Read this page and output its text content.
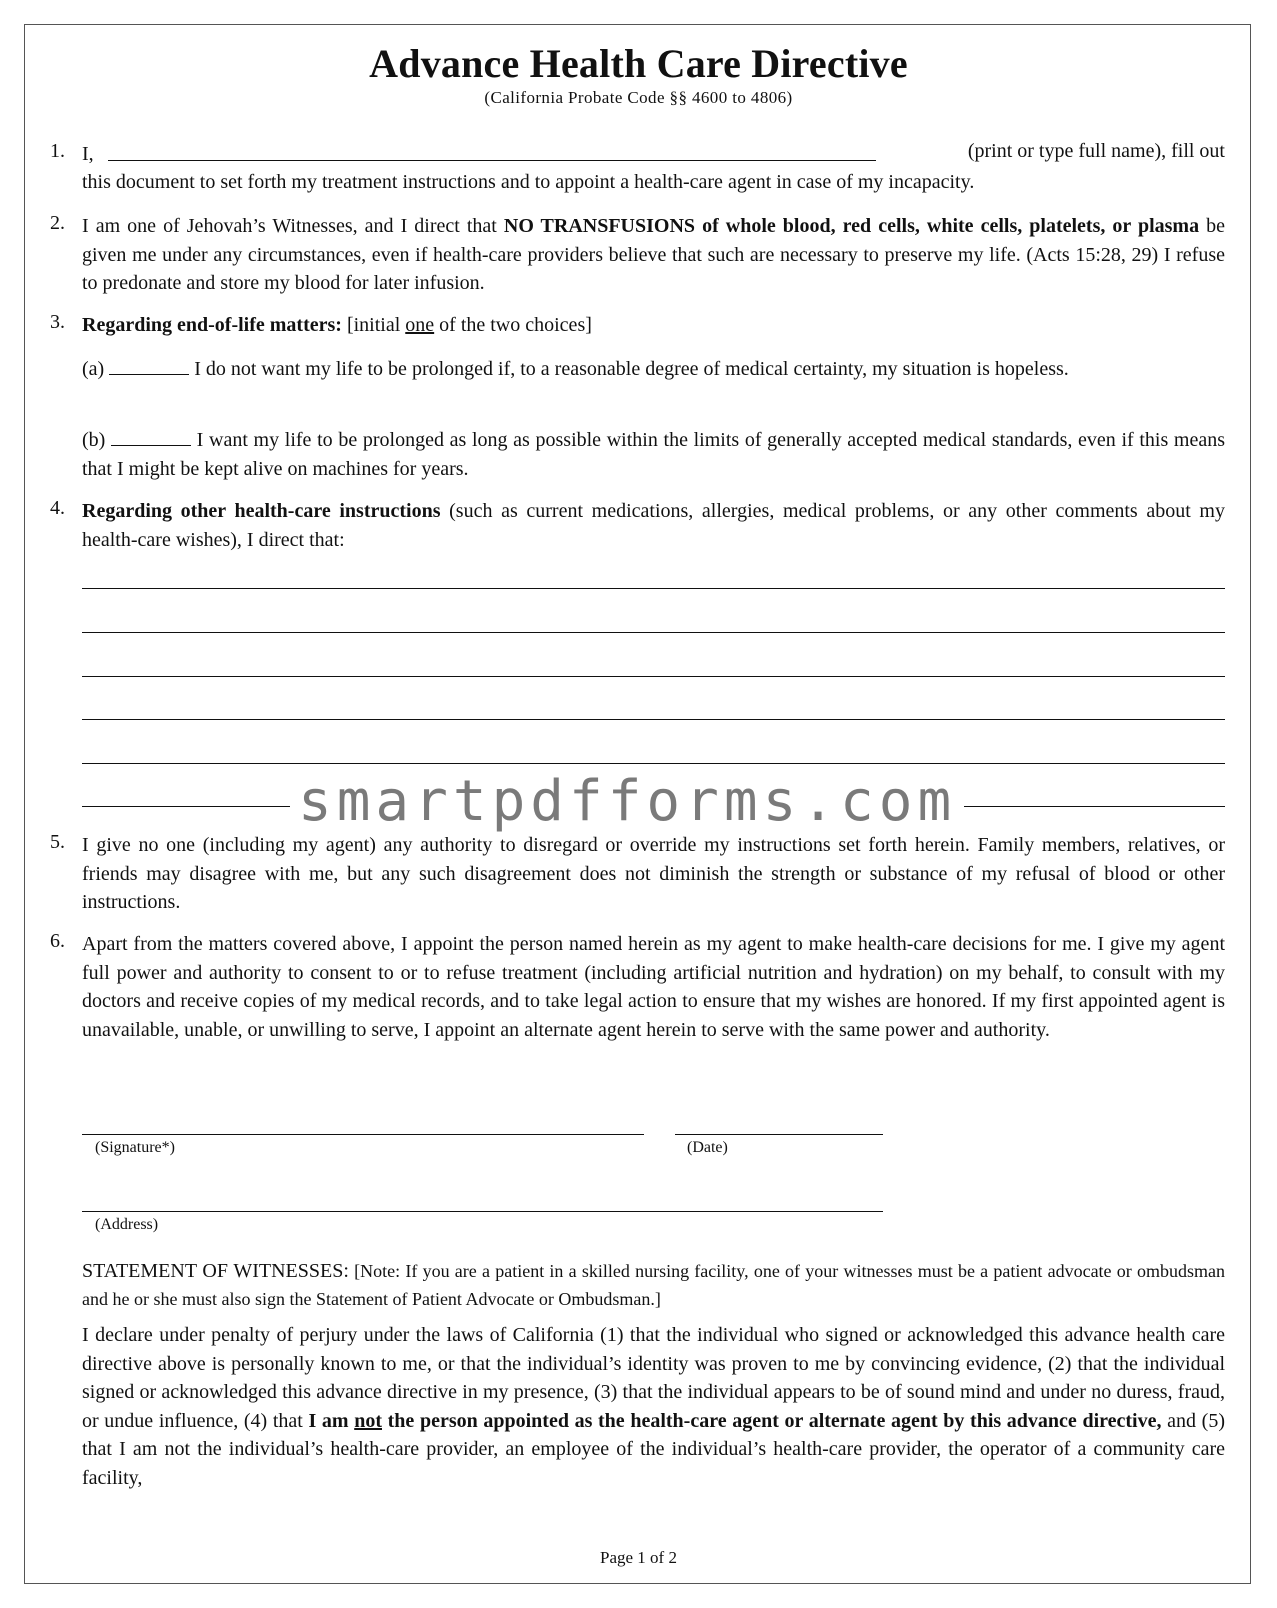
Advance Health Care Directive
(California Probate Code §§ 4600 to 4806)
1. I,	(print or type full name), fill out
this document to set forth my treatment instructions and to appoint a health-care agent in case of my incapacity.
2. I am one of Jehovah’s Witnesses, and I direct that NO TRANSFUSIONS of whole blood, red cells, white cells, platelets, or plasma be given me under any circumstances, even if health-care providers believe that such are necessary to preserve my life. (Acts 15:28, 29) I refuse to predonate and store my blood for later infusion.

3. Regarding end-of-life matters: [initial one of the two choices]

(a)	I do not want my life to be prolonged if, to a reasonable degree of medical certainty, my situation is hopeless.

(b)	I want my life to be prolonged as long as possible within the limits of generally accepted medical standards, even if this means that I might be kept alive on machines for years.

4. Regarding other health-care instructions (such as current medications, allergies, medical problems, or any other comments about my health-care wishes), I direct that:

smartpdfforms.com
5. I give no one (including my agent) any authority to disregard or override my instructions set forth herein. Family members, relatives, or friends may disagree with me, but any such disagreement does not diminish the strength or substance of my refusal of blood or other instructions.

6. Apart from the matters covered above, I appoint the person named herein as my agent to make health-care decisions for me. I give my agent full power and authority to consent to or to refuse treatment (including artificial nutrition and hydration) on my behalf, to consult with my doctors and receive copies of my medical records, and to take legal action to ensure that my wishes are honored. If my first appointed agent is unavailable, unable, or unwilling to serve, I appoint an alternate agent herein to serve with the same power and authority.

(Signature*)	(Date)
(Address)

STATEMENT OF WITNESSES: [Note: If you are a patient in a skilled nursing facility, one of your witnesses must be a patient advocate or ombudsman and he or she must also sign the Statement of Patient Advocate or Ombudsman.]

I declare under penalty of perjury under the laws of California (1) that the individual who signed or acknowledged this advance health care directive above is personally known to me, or that the individual’s identity was proven to me by convincing evidence, (2) that the individual signed or acknowledged this advance directive in my presence, (3) that the individual appears to be of sound mind and under no duress, fraud, or undue influence, (4) that I am not the person appointed as the health-care agent or alternate agent by this advance directive, and (5) that I am not the individual’s health-care provider, an employee of the individual’s health-care provider, the operator of a community care facility,

Page 1 of 2
